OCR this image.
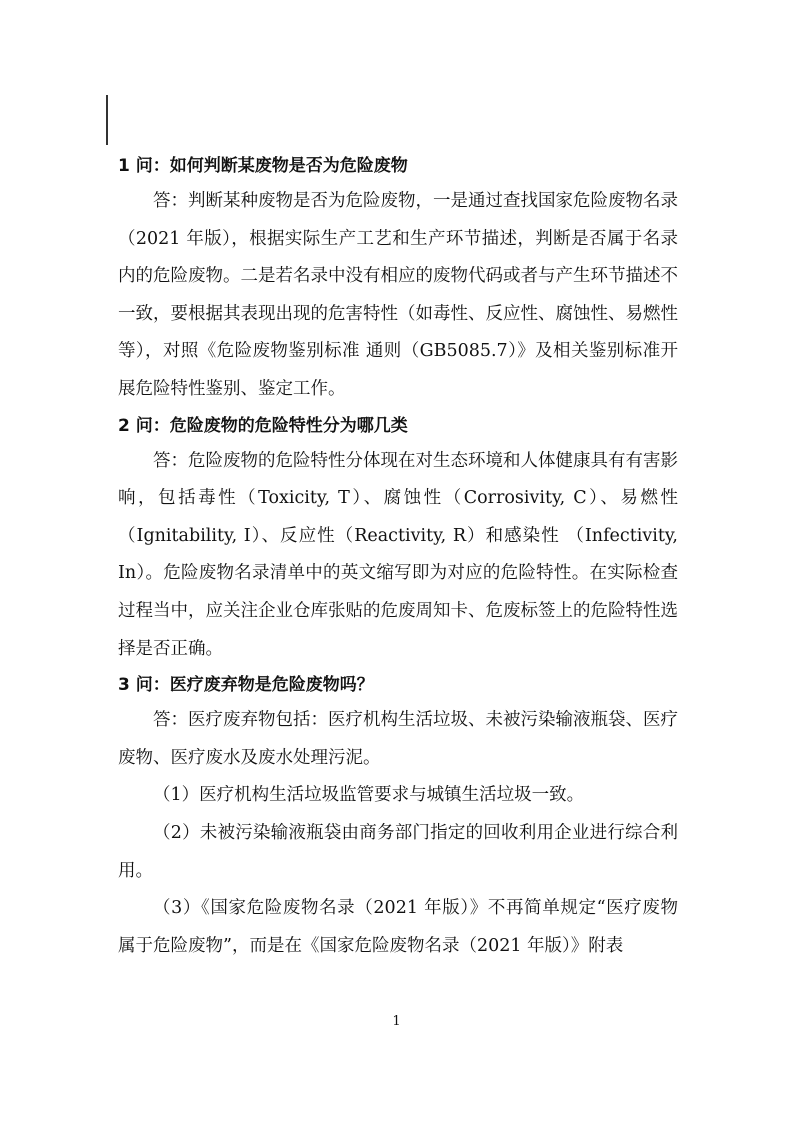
1 问：如何判断某废物是否为危险废物

答：判断某种废物是否为危险废物，一是通过查找国家危险废物名录（2021 年版），根据实际生产工艺和生产环节描述，判断是否属于名录内的危险废物。二是若名录中没有相应的废物代码或者与产生环节描述不一致，要根据其表现出现的危害特性（如毒性、反应性、腐蚀性、易燃性等），对照《危险废物鉴别标准 通则（GB5085.7）》及相关鉴别标准开展危险特性鉴别、鉴定工作。

2 问：危险废物的危险特性分为哪几类

答：危险废物的危险特性分体现在对生态环境和人体健康具有有害影响，包括毒性（Toxicity, T）、腐蚀性（Corrosivity, C）、易燃性（Ignitability, I）、反应性（Reactivity, R）和感染性 （Infectivity, In）。危险废物名录清单中的英文缩写即为对应的危险特性。在实际检查过程当中，应关注企业仓库张贴的危废周知卡、危废标签上的危险特性选择是否正确。

3 问：医疗废弃物是危险废物吗？

答：医疗废弃物包括：医疗机构生活垃圾、未被污染输液瓶袋、医疗废物、医疗废水及废水处理污泥。

（1）医疗机构生活垃圾监管要求与城镇生活垃圾一致。

（2）未被污染输液瓶袋由商务部门指定的回收利用企业进行综合利用。

（3）《国家危险废物名录（2021 年版）》不再简单规定“医疗废物属于危险废物”，而是在《国家危险废物名录（2021 年版）》附表

1
